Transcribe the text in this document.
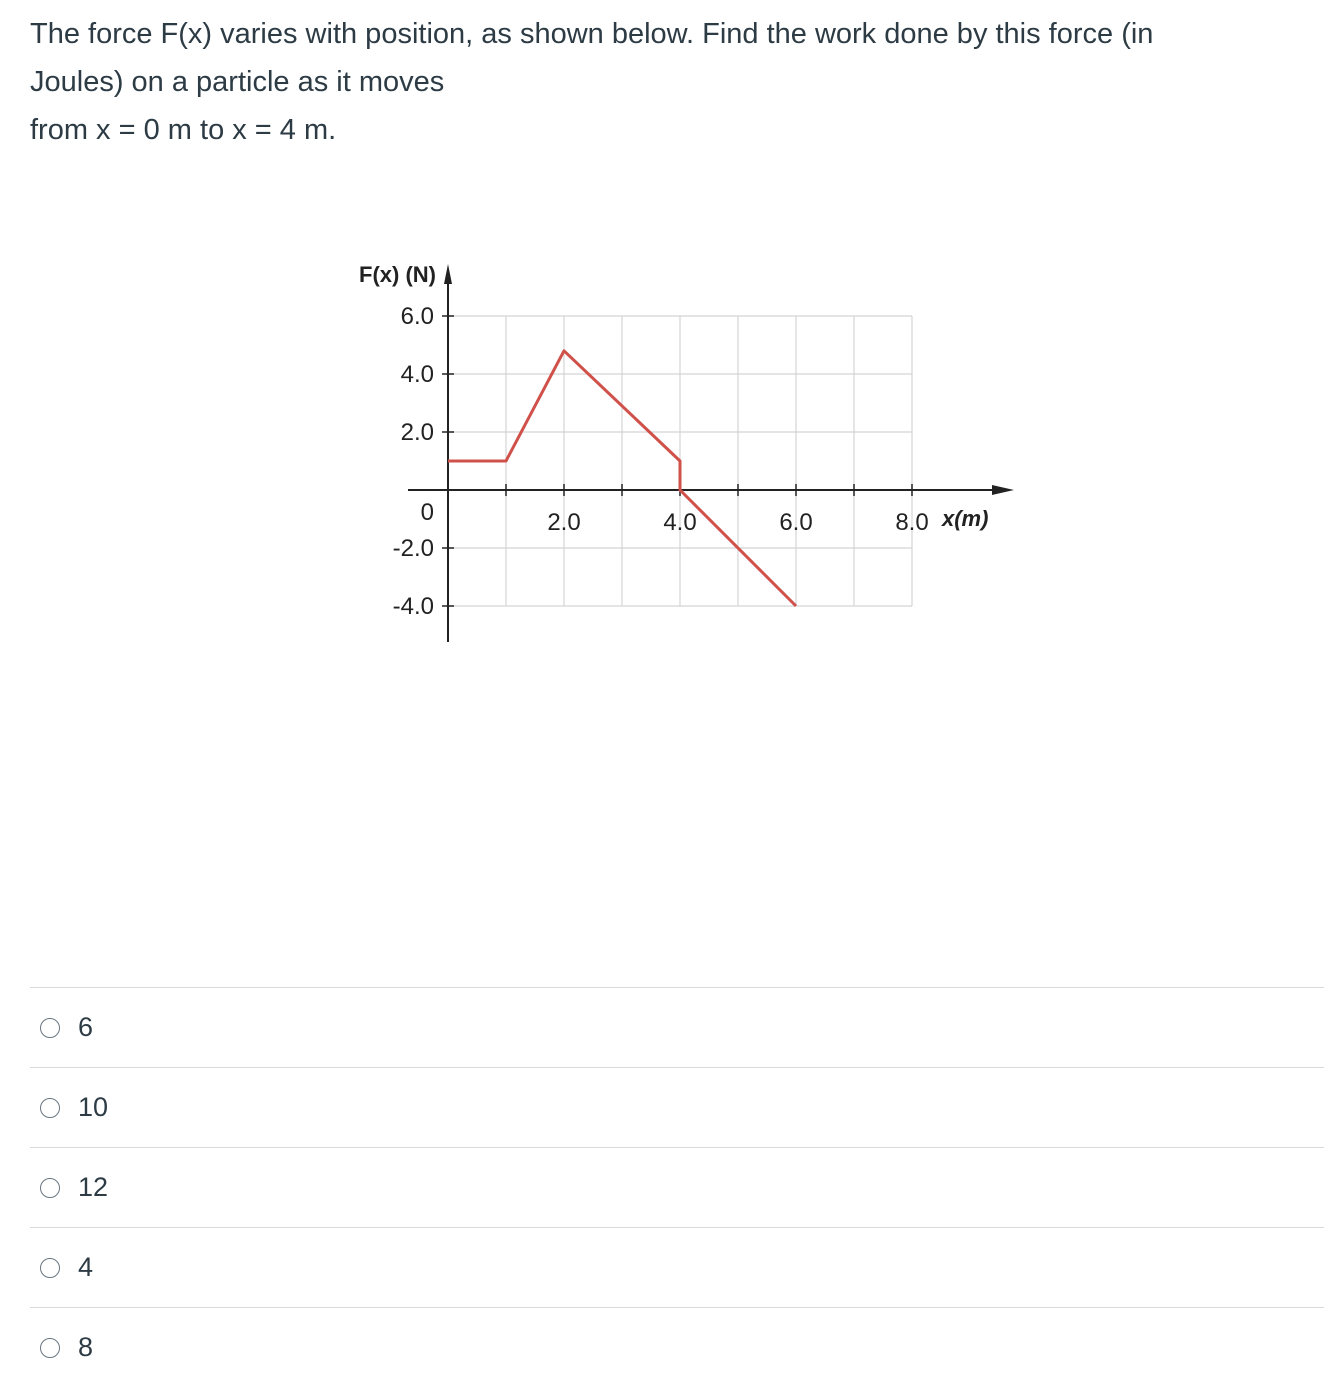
The force F(x) varies with position, as shown below. Find the work done by this force (in

Joules) on a particle as it moves

from x = 0 m to x = 4 m.

6.0
4.0
2.0
0
-2.0
-4.0
2.0	4.0	6.0	8.0
F(x) (N)
x(m)
6
10
12
4
8
